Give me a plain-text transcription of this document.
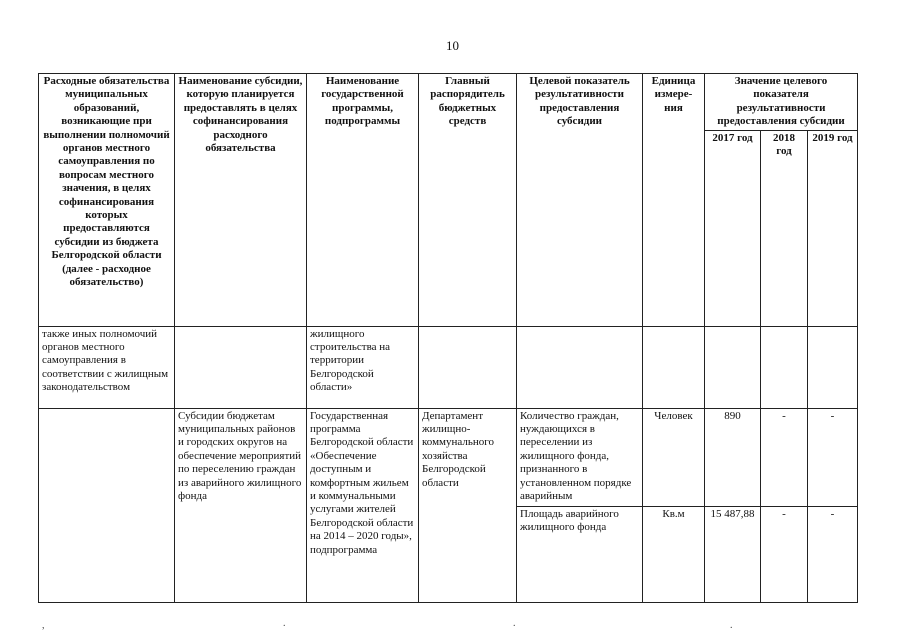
10
Расходные обязательства муниципальных образований, возникающие при выполнении полномочий органов местного самоуправления по вопросам местного значения, в целях софинансирования которых предоставляются субсидии из бюджета Белгородской области (далее - расходное обязательство)	Наименование субсидии, которую планируется предоставлять в целях софинансирования расходного обязательства	Наименование государственной программы, подпрограммы	Главный распорядитель бюджетных средств	Целевой показатель результативности предоставления субсидии	Единица измере-ния	Значение целевого показателя результативности предоставления субсидии		
						2017 год	2018 год	2019 год
также иных полномочий органов местного самоуправления в соответствии с жилищным законодательством		жилищного строительства на территории Белгородской области»						
	Субсидии бюджетам муниципальных районов и городских округов на обеспечение мероприятий по переселению граждан из аварийного жилищного фонда	Государственная программа Белгородской области «Обеспечение доступным и комфортным жильем и коммунальными услугами жителей Белгородской области на 2014 – 2020 годы», подпрограмма	Департамент жилищно-коммунального хозяйства Белгородской области	Количество граждан, нуждающихся в переселении из жилищного фонда, признанного в установленном порядке аварийным	Человек	890	-	-
				Площадь аварийного жилищного фонда	Кв.м	15 487,88	-	-
,	.	.	.
